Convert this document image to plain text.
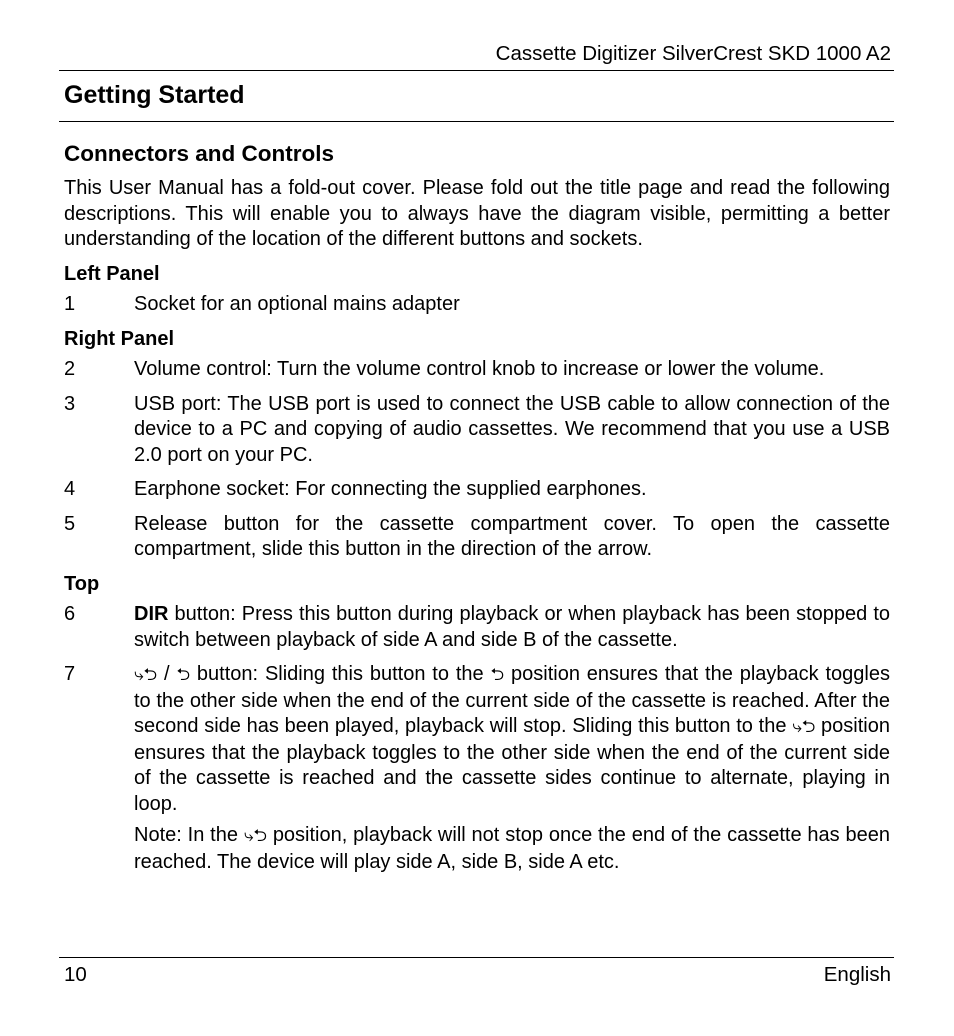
Cassette Digitizer SilverCrest SKD 1000 A2
Getting Started
Connectors and Controls

This User Manual has a fold-out cover. Please fold out the title page and read the following descriptions. This will enable you to always have the diagram visible, permitting a better understanding of the location of the different buttons and sockets.

Left Panel
1	Socket for an optional mains adapter

Right Panel
2	Volume control: Turn the volume control knob to increase or lower the volume.

3	USB port: The USB port is used to connect the USB cable to allow connection of the device to a PC and copying of audio cassettes. We recommend that you use a USB 2.0 port on your PC.

4	Earphone socket: For connecting the supplied earphones.

5	Release button for the cassette compartment cover. To open the cassette compartment, slide this button in the direction of the arrow.

Top
6	DIR button: Press this button during playback or when playback has been stopped to switch between playback of side A and side B of the cassette.

7	⤷⮌ / ⮌ button: Sliding this button to the ⮌ position ensures that the playback toggles to the other side when the end of the current side of the cassette is reached. After the second side has been played, playback will stop. Sliding this button to the ⤷⮌ position ensures that the playback toggles to the other side when the end of the current side of the cassette is reached and the cassette sides continue to alternate, playing in loop.

Note: In the ⤷⮌ position, playback will not stop once the end of the cassette has been reached. The device will play side A, side B, side A etc.

10	English
